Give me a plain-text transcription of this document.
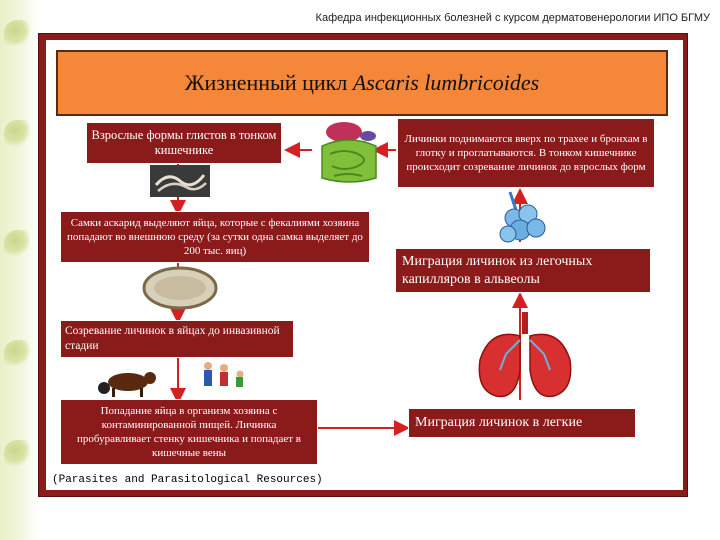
Кафедра инфекционных болезней с курсом дерматовенерологии ИПО БГМУ
Жизненный цикл
Ascaris lumbricoides
Взрослые формы глистов в тонком кишечнике
Самки аскарид выделяют яйца, которые с фекалиями хозяина попадают во внешнюю среду (за сутки одна самка выделяет до 200 тыс. яиц)
Созревание личинок в яйцах до инвазивной стадии
Попадание яйца в организм хозяина с контаминированной пищей. Личинка пробуравливает стенку кишечника и попадает в кишечные вены
Миграция личинок в легкие
Миграция личинок из легочных капилляров в альвеолы
Личинки поднимаются вверх по трахее и бронхам в глотку и проглатываются. В тонком кишечнике происходит созревание личинок до взрослых форм
(Parasites and Parasitological Resources)
